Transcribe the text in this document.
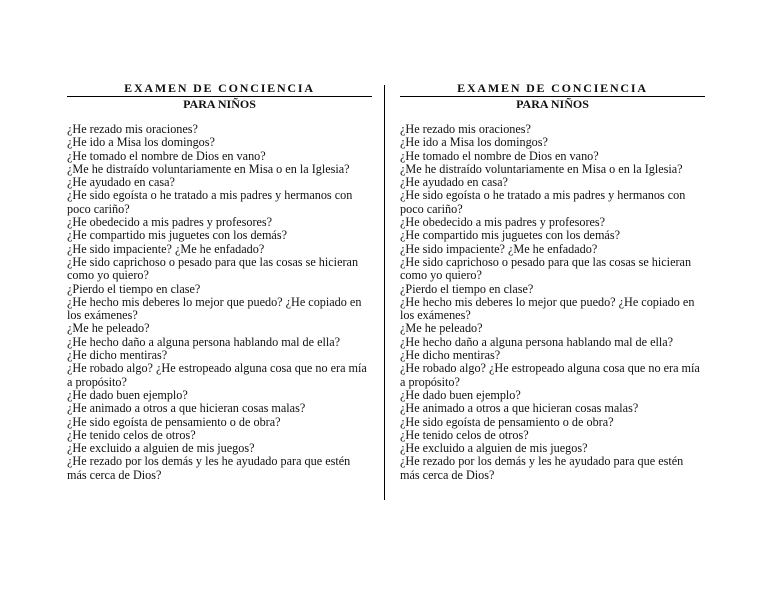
EXAMEN DE CONCIENCIA
PARA NIÑOS
¿He rezado mis oraciones?
¿He ido a Misa los domingos?
¿He tomado el nombre de Dios en vano?
¿Me he distraído voluntariamente en Misa o en la Iglesia?
¿He ayudado en casa?
¿He sido egoísta o he tratado a mis padres y hermanos con poco cariño?
¿He obedecido a mis padres y profesores?
¿He compartido mis juguetes con los demás?
¿He sido impaciente? ¿Me he enfadado?
¿He sido caprichoso o pesado para que las cosas se hicieran como yo quiero?
¿Pierdo el tiempo en clase?
¿He hecho mis deberes lo mejor que puedo? ¿He copiado en los exámenes?
¿Me he peleado?
¿He hecho daño a alguna persona hablando mal de ella?
¿He dicho mentiras?
¿He robado algo? ¿He estropeado alguna cosa que no era mía a propósito?
¿He dado buen ejemplo?
¿He animado a otros a que hicieran cosas malas?
¿He sido egoísta de pensamiento o de obra?
¿He tenido celos de otros?
¿He excluido a alguien de mis juegos?
¿He rezado por los demás y les he ayudado para que estén más cerca de Dios?
EXAMEN DE CONCIENCIA
PARA NIÑOS
¿He rezado mis oraciones?
¿He ido a Misa los domingos?
¿He tomado el nombre de Dios en vano?
¿Me he distraído voluntariamente en Misa o en la Iglesia?
¿He ayudado en casa?
¿He sido egoísta o he tratado a mis padres y hermanos con poco cariño?
¿He obedecido a mis padres y profesores?
¿He compartido mis juguetes con los demás?
¿He sido impaciente? ¿Me he enfadado?
¿He sido caprichoso o pesado para que las cosas se hicieran como yo quiero?
¿Pierdo el tiempo en clase?
¿He hecho mis deberes lo mejor que puedo? ¿He copiado en los exámenes?
¿Me he peleado?
¿He hecho daño a alguna persona hablando mal de ella?
¿He dicho mentiras?
¿He robado algo? ¿He estropeado alguna cosa que no era mía a propósito?
¿He dado buen ejemplo?
¿He animado a otros a que hicieran cosas malas?
¿He sido egoísta de pensamiento o de obra?
¿He tenido celos de otros?
¿He excluido a alguien de mis juegos?
¿He rezado por los demás y les he ayudado para que estén más cerca de Dios?
